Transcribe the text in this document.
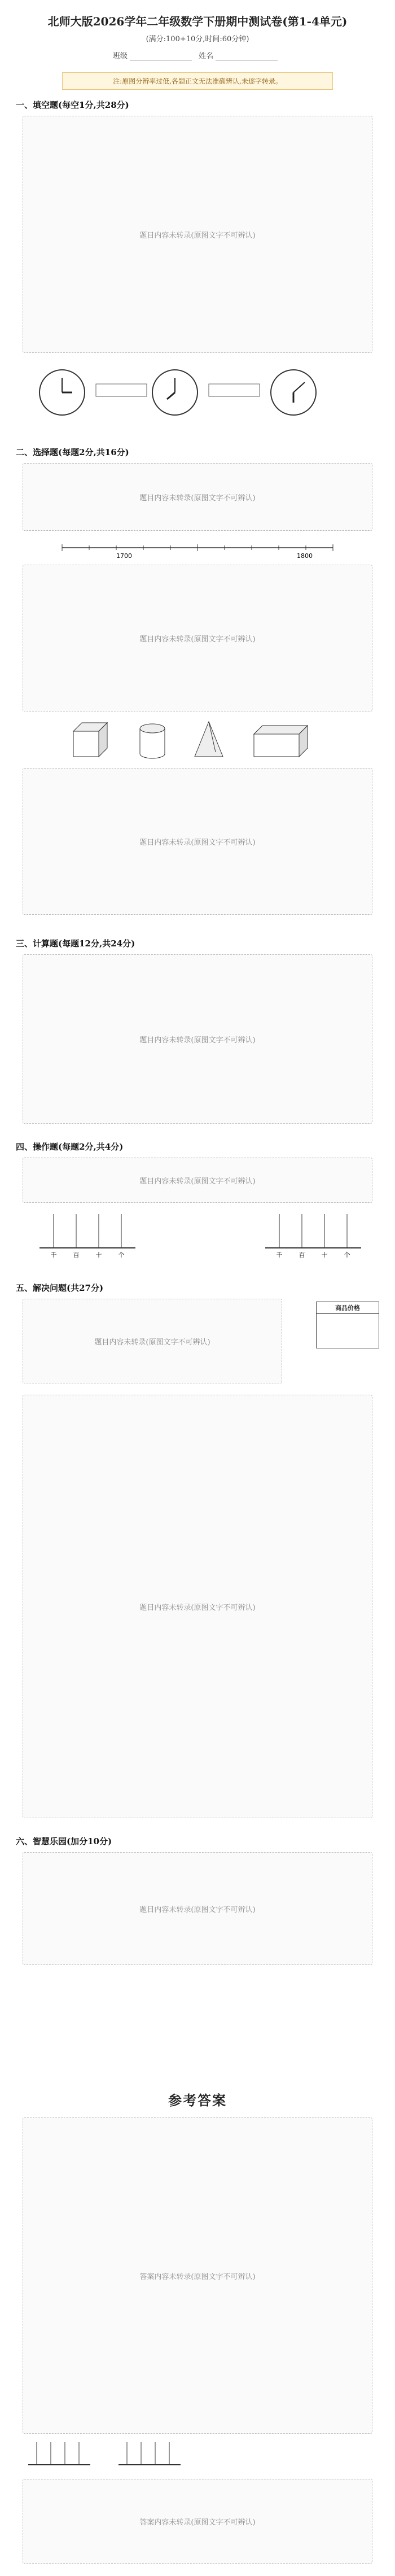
北师大版2026学年二年级数学下册期中测试卷(第1-4单元)
(满分:100+10分,时间:60分钟)
班级	姓名
注:原图分辨率过低,各题正文无法准确辨认,未逐字转录。
一、填空题(每空1分,共28分)
题目内容未转录(原图文字不可辨认)
二、选择题(每题2分,共16分)
题目内容未转录(原图文字不可辨认)
1700	1800
题目内容未转录(原图文字不可辨认)
题目内容未转录(原图文字不可辨认)
三、计算题(每题12分,共24分)
题目内容未转录(原图文字不可辨认)
四、操作题(每题2分,共4分)
题目内容未转录(原图文字不可辨认)
千	百	十	个	千	百	十	个
五、解决问题(共27分)
题目内容未转录(原图文字不可辨认)
商品价格
题目内容未转录(原图文字不可辨认)
六、智慧乐园(加分10分)
题目内容未转录(原图文字不可辨认)
参考答案
答案内容未转录(原图文字不可辨认)
答案内容未转录(原图文字不可辨认)
